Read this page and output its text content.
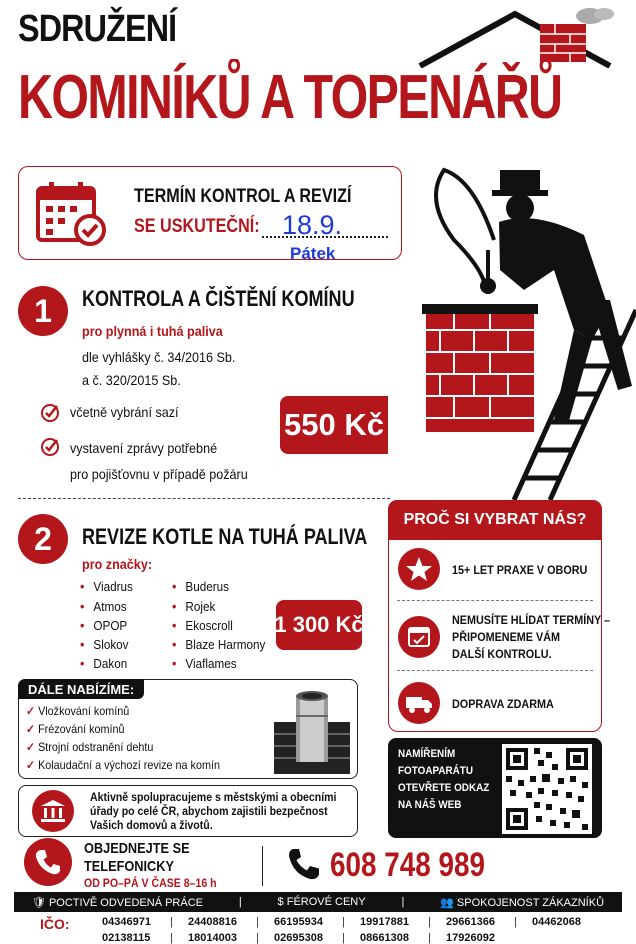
SDRUŽENÍ
KOMINÍKŮ A TOPENÁŘŮ
TERMÍN KONTROL A REVIZÍ
SE USKUTEČNÍ: 18.9.
Pátek
1	KONTROLA A ČIŠTĚNÍ KOMÍNU
pro plynná i tuhá paliva
dle vyhlášky č. 34/2016 Sb.
a č. 320/2015 Sb.
včetně vybrání sazí
vystavení zprávy potřebné
pro pojišťovnu v případě požáru
550 Kč
2	REVIZE KOTLE NA TUHÁ PALIVA
pro značky:
• Viadrus
• Atmos
• OPOP
• Slokov
• Dakon
• Buderus
• Rojek
• Ekoscroll
• Blaze Harmony
• Viaflames
1 300 Kč
PROČ SI VYBRAT NÁS?
15+ LET PRAXE V OBORU
NEMUSÍTE HLÍDAT TERMÍNY –
PŘIPOMENEME VÁM
DALŠÍ KONTROLU.
DOPRAVA ZDARMA
DÁLE NABÍZÍME:
✓ Vložkování komínů
✓ Frézování komínů
✓ Strojní odstranění dehtu
✓ Kolaudační a výchozí revize na komín
Aktivně spolupracujeme s městskými a obecními
úřady po celé ČR, abychom zajistili bezpečnost
Vašich domovů a životů.
NAMÍŘENÍM
FOTOAPARÁTU
OTEVŘETE ODKAZ
NA NÁŠ WEB
OBJEDNEJTE SE
TELEFONICKY
OD PO–PÁ V ČASE 8–16 h	608 748 989
🛡 POCTIVĚ ODVEDENÁ PRÁCE	|	$ FÉROVÉ CENY	|	👥 SPOKOJENOST ZÁKAZNÍKŮ
IČO:	04346971	24408816	66195934	19917881	29661366	04462068
02138115	18014003	02695308	08661308	17926092
|	|	|	|	|
|	|	|	|
